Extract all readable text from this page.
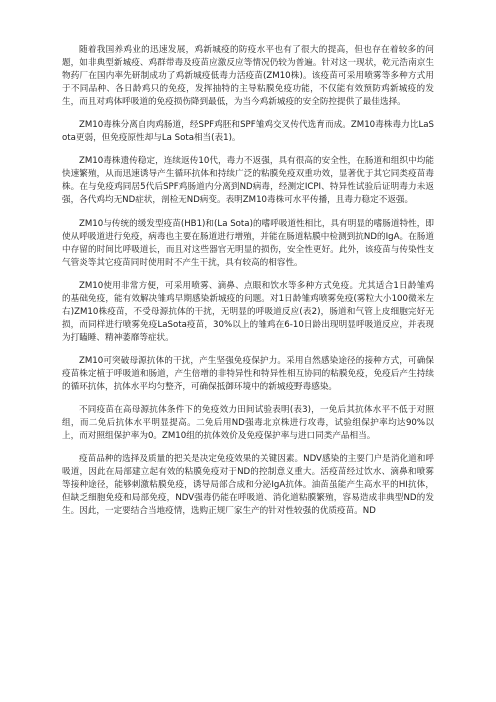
随着我国养鸡业的迅速发展，鸡新城疫的防疫水平也有了很大的提高，但也存在着较多的问题，如非典型新城疫、鸡群带毒及疫苗应激反应等情况仍较为普遍。针对这一现状，乾元浩南京生物药厂在国内率先研制成功了鸡新城疫低毒力活疫苗(ZM10株)。该疫苗可采用喷雾等多种方式用于不同品种、各日龄鸡只的免疫，发挥抽特的主导粘膜免疫功能，不仅能有效预防鸡新城疫的发生，而且对鸡体呼吸道的免疫损伤降到最低，为当今鸡新城疫的安全防控提供了最佳选择。

ZM10毒株分离自肉鸡肠道，经SPF鸡胚和SPF雏鸡交叉传代选育而成。ZM10毒株毒力比LaSota更弱，但免疫原性却与La Sota相当(表1)。

ZM10毒株遗传稳定，连续返传10代，毒力不返强，具有很高的安全性，在肠道和组织中均能快速繁殖，从而迅速诱导产生循环抗体和持续广泛的粘膜免疫双重功效，显著优于其它同类疫苗毒株。在与免疫鸡同居5代后SPF鸡肠道内分离到ND病毒，经测定ICPI、特异性试验后证明毒力未返强，各代鸡均无ND症状，剖检无ND病变。表明ZM10毒株可水平传播，且毒力稳定不返强。

ZM10与传统的缓发型疫苗(HB1)和(La Sota)的嗜呼吸道性相比，具有明显的嗜肠道特性，即使从呼吸道进行免疫，病毒也主要在肠道进行增殖，并能在肠道粘膜中检测到抗ND的IgA。在肠道中存留的时间比呼吸道长，而且对这些器官无明显的损伤，安全性更好。此外，该疫苗与传染性支气管炎等其它疫苗同时使用时不产生干扰，具有较高的相容性。

ZM10使用非常方便，可采用喷雾、滴鼻、点眼和饮水等多种方式免疫。尤其适合1日龄雏鸡的基础免疫，能有效解决雏鸡早期感染新城疫的问题。对1日龄雏鸡喷雾免疫(雾粒大小100微米左右)ZM10株疫苗，不受母源抗体的干扰，无明显的呼吸道反应(表2)，肠道和气管上皮细胞完好无损，而同样进行喷雾免疫LaSota疫苗，30%以上的雏鸡在6-10日龄出现明显呼吸道反应，并表现为打瞌睡、精神萎靡等症状。

ZM10可突破母源抗体的干扰，产生坚强免疫保护力。采用自然感染途径的接种方式，可确保疫苗株定植于呼吸道和肠道，产生倍增的非特异性和特异性相互协同的粘膜免疫，免疫后产生持续的循环抗体，抗体水平均匀整齐，可确保抵御环境中的新城疫野毒感染。

不同疫苗在高母源抗体条件下的免疫效力田间试验表明(表3)，一免后其抗体水平不低于对照组，而二免后抗体水平明显提高。二免后用ND强毒北京株进行攻毒，试验组保护率均达90%以上，而对照组保护率为0。ZM10组的抗体效价及免疫保护率与进口同类产品相当。

疫苗品种的选择及质量的把关是决定免疫效果的关键因素。NDV感染的主要门户是消化道和呼吸道，因此在局部建立起有效的粘膜免疫对于ND的控制意义重大。活疫苗经过饮水、滴鼻和喷雾等接种途径，能够刺激粘膜免疫，诱导局部合成和分泌IgA抗体。油苗虽能产生高水平的HI抗体，但缺乏细胞免疫和局部免疫，NDV强毒仍能在呼吸道、消化道粘膜繁殖，容易造成非典型ND的发生。因此，一定要结合当地疫情，选购正规厂家生产的针对性较强的优质疫苗。ND
